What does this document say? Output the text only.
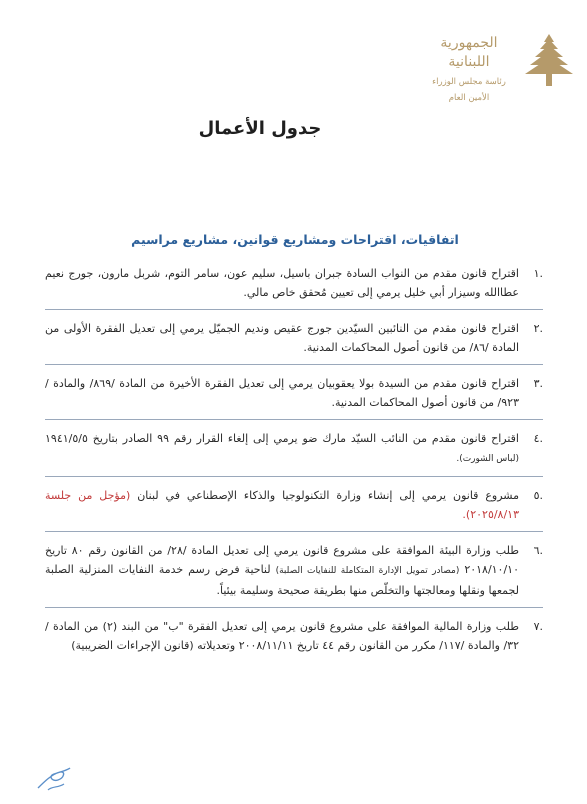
الجمهورية
اللبنانية
رئاسة مجلس الوزراء
الأمين العام
جدول الأعمال
اتفاقيات، اقتراحات ومشاريع قوانين، مشاريع مراسيم
.١
اقتراح قانون مقدم من النواب السادة جبران باسيل، سليم عون، سامر التوم، شربل مارون، جورج نعيم عطاالله وسيزار أبي خليل يرمي إلى تعيين مُحقق خاص مالي.
.٢
اقتراح قانون مقدم من النائبين السيّدين جورج عقيص وندیم الجميّل يرمي إلى تعديل الفقرة الأولى من المادة /٨٦/ من قانون أصول المحاكمات المدنية.
.٣
اقتراح قانون مقدم من السيدة بولا يعقوبيان يرمي إلى تعديل الفقرة الأخيرة من المادة /٨٦٩/ والمادة /٩٢٣/ من قانون أصول المحاكمات المدنية.
.٤
اقتراح قانون مقدم من النائب السيّد مارك ضو يرمي إلى إلغاء القرار رقم ٩٩ الصادر بتاريخ ١٩٤١/٥/٥ (لباس الشورت).
.٥
مشروع قانون يرمي إلى إنشاء وزارة التكنولوجيا والذكاء الإصطناعي في لبنان (مؤجل من جلسة ٢٠٢٥/٨/١٣).
.٦
طلب وزارة البيئة الموافقة على مشروع قانون يرمي إلى تعديل المادة /٢٨/ من القانون رقم ٨٠ تاريخ ٢٠١٨/١٠/١٠ (مصادر تمويل الإدارة المتكاملة للنفايات الصلبة) لناحية فرض رسم خدمة النفايات المنزلية الصلبة لجمعها ونقلها ومعالجتها والتخلّص منها بطريقة صحيحة وسليمة بيئياً.
.٧
طلب وزارة المالية الموافقة على مشروع قانون يرمي إلى تعديل الفقرة "ب" من البند (٢) من المادة /٣٢/ والمادة /١١٧/ مكرر من القانون رقم ٤٤ تاريخ ٢٠٠٨/١١/١١ وتعديلاته (قانون الإجراءات الضريبية)
